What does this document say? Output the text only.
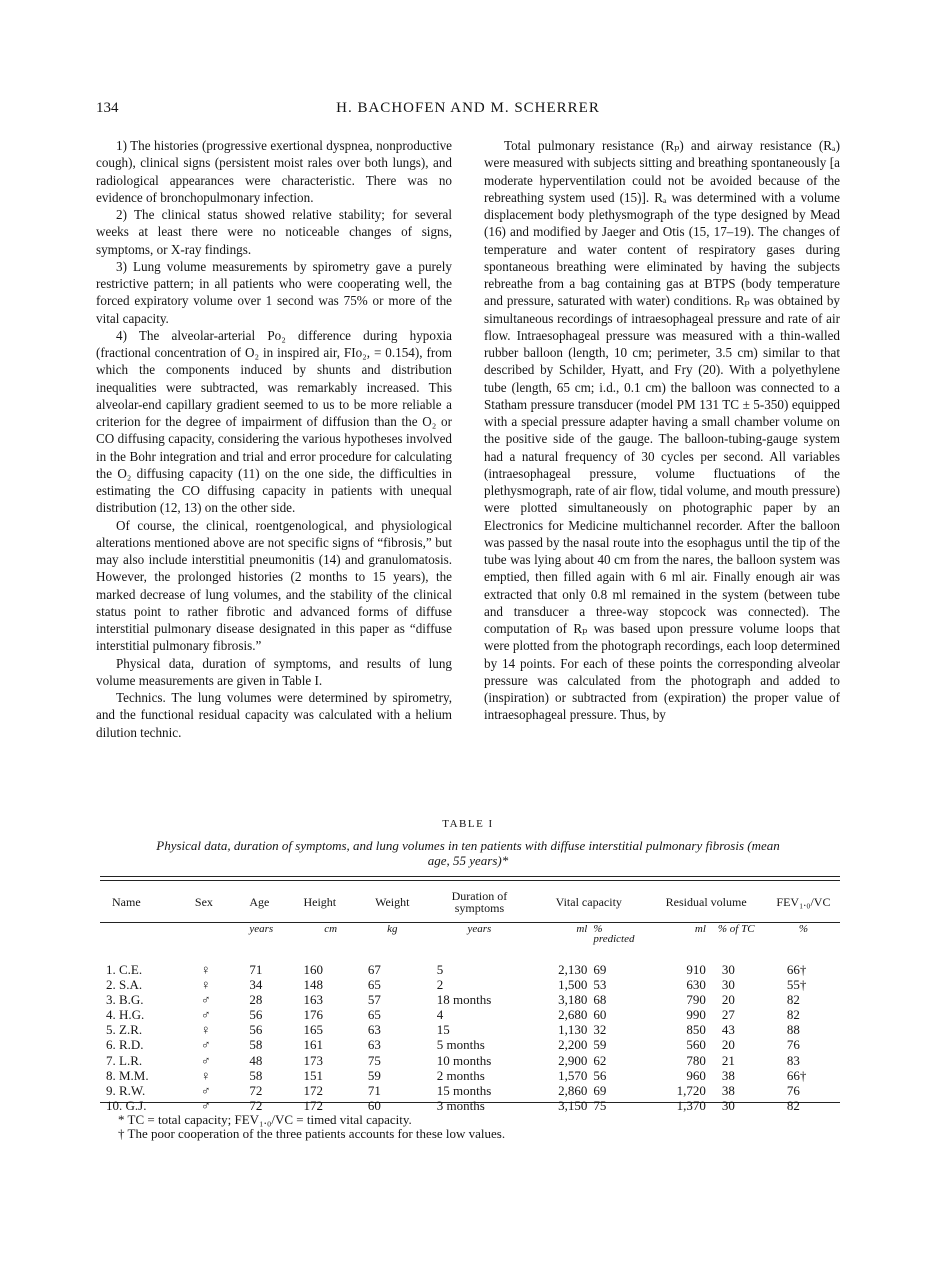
134	H. BACHOFEN AND M. SCHERRER

1) The histories (progressive exertional dyspnea, nonproductive cough), clinical signs (persistent moist rales over both lungs), and radiological appearances were characteristic. There was no evidence of bronchopulmonary infection.

2) The clinical status showed relative stability; for several weeks at least there were no noticeable changes of signs, symptoms, or X-ray findings.

3) Lung volume measurements by spirometry gave a purely restrictive pattern; in all patients who were cooperating well, the forced expiratory volume over 1 second was 75% or more of the vital capacity.

4) The alveolar-arterial Po₂ difference during hypoxia (fractional concentration of O₂ in inspired air, FIo₂, = 0.154), from which the components induced by shunts and distribution inequalities were subtracted, was remarkably increased. This alveolar-end capillary gradient seemed to us to be more reliable a criterion for the degree of impairment of diffusion than the O₂ or CO diffusing capacity, considering the various hypotheses involved in the Bohr integration and trial and error procedure for calculating the O₂ diffusing capacity (11) on the one side, the difficulties in estimating the CO diffusing capacity in patients with unequal distribution (12, 13) on the other side.

Of course, the clinical, roentgenological, and physiological alterations mentioned above are not specific signs of “fibrosis,” but may also include interstitial pneumonitis (14) and granulomatosis. However, the prolonged histories (2 months to 15 years), the marked decrease of lung volumes, and the stability of the clinical status point to rather fibrotic and advanced forms of diffuse interstitial pulmonary disease designated in this paper as “diffuse interstitial pulmonary fibrosis.”

Physical data, duration of symptoms, and results of lung volume measurements are given in Table I.

Technics. The lung volumes were determined by spirometry, and the functional residual capacity was calculated with a helium dilution technic.

Total pulmonary resistance (Rₚ) and airway resistance (Rₐ) were measured with subjects sitting and breathing spontaneously [a moderate hyperventilation could not be avoided because of the rebreathing system used (15)]. Rₐ was determined with a volume displacement body plethysmograph of the type designed by Mead (16) and modified by Jaeger and Otis (15, 17–19). The changes of temperature and water content of respiratory gases during spontaneous breathing were eliminated by having the subjects rebreathe from a bag containing gas at BTPS (body temperature and pressure, saturated with water) conditions. Rₚ was obtained by simultaneous recordings of intraesophageal pressure and rate of air flow. Intraesophageal pressure was measured with a thin-walled rubber balloon (length, 10 cm; perimeter, 3.5 cm) similar to that described by Schilder, Hyatt, and Fry (20). With a polyethylene tube (length, 65 cm; i.d., 0.1 cm) the balloon was connected to a Statham pressure transducer (model PM 131 TC ± 5-350) equipped with a special pressure adapter having a small chamber volume on the positive side of the gauge. The balloon-tubing-gauge system had a natural frequency of 30 cycles per second. All variables (intraesophageal pressure, volume fluctuations of the plethysmograph, rate of air flow, tidal volume, and mouth pressure) were plotted simultaneously on photographic paper by an Electronics for Medicine multichannel recorder. After the balloon was passed by the nasal route into the esophagus until the tip of the tube was lying about 40 cm from the nares, the balloon system was emptied, then filled again with 6 ml air. Finally enough air was extracted that only 0.8 ml remained in the system (between tube and transducer a three-way stopcock was connected). The computation of Rₚ was based upon pressure volume loops that were plotted from the photograph recordings, each loop determined by 14 points. For each of these points the corresponding alveolar pressure was calculated from the photograph and added to (inspiration) or subtracted from (expiration) the proper value of intraesophageal pressure. Thus, by

TABLE I
Physical data, duration of symptoms, and lung volumes in ten patients with diffuse interstitial pulmonary fibrosis (mean age, 55 years)*
Name	Sex	Age	Height	Weight	Duration of symptoms	Vital capacity		Residual volume		FEV₁.₀/VC
		years	cm	kg	years	ml	% predicted	ml	% of TC	%
1. C.E.	♀	71	160	67	5	2,130	69	910	30	66†
2. S.A.	♀	34	148	65	2	1,500	53	630	30	55†
3. B.G.	♂	28	163	57	18 months	3,180	68	790	20	82
4. H.G.	♂	56	176	65	4	2,680	60	990	27	82
5. Z.R.	♀	56	165	63	15	1,130	32	850	43	88
6. R.D.	♂	58	161	63	5 months	2,200	59	560	20	76
7. L.R.	♂	48	173	75	10 months	2,900	62	780	21	83
8. M.M.	♀	58	151	59	2 months	1,570	56	960	38	66†
9. R.W.	♂	72	172	71	15 months	2,860	69	1,720	38	76
10. G.J.	♂	72	172	60	3 months	3,150	75	1,370	30	82
* TC = total capacity; FEV₁.₀/VC = timed vital capacity.
† The poor cooperation of the three patients accounts for these low values.
